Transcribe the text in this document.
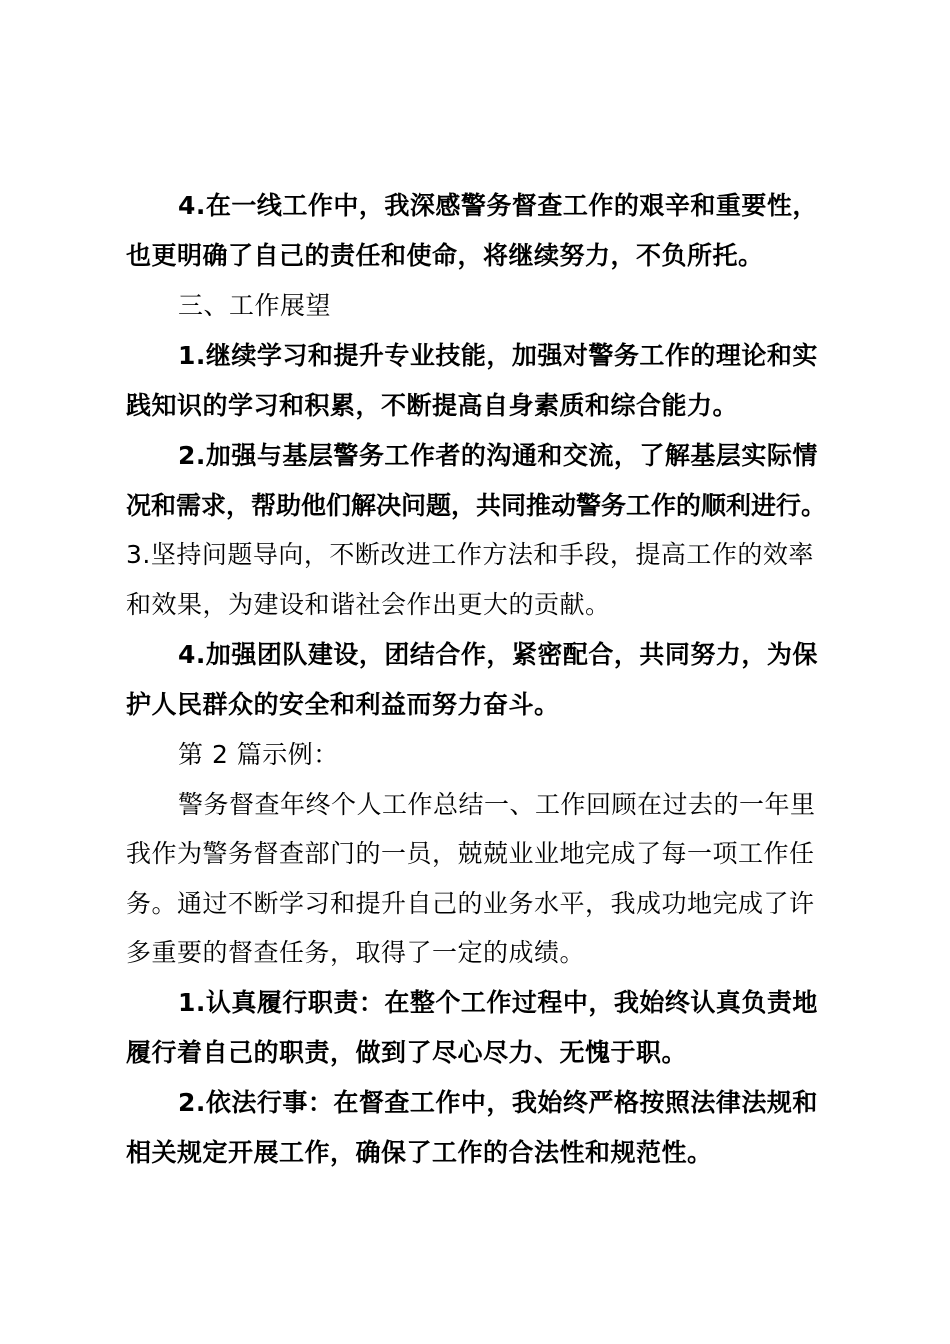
4.在一线工作中，我深感警务督查工作的艰辛和重要性，
也更明确了自己的责任和使命，将继续努力，不负所托。
三、工作展望
1.继续学习和提升专业技能，加强对警务工作的理论和实
践知识的学习和积累，不断提高自身素质和综合能力。
2.加强与基层警务工作者的沟通和交流，了解基层实际情
况和需求，帮助他们解决问题，共同推动警务工作的顺利进行。
3.坚持问题导向，不断改进工作方法和手段，提高工作的效率
和效果，为建设和谐社会作出更大的贡献。
4.加强团队建设，团结合作，紧密配合，共同努力，为保
护人民群众的安全和利益而努力奋斗。
第 2 篇示例：
警务督查年终个人工作总结一、工作回顾在过去的一年里
我作为警务督查部门的一员，兢兢业业地完成了每一项工作任
务。通过不断学习和提升自己的业务水平，我成功地完成了许
多重要的督查任务，取得了一定的成绩。
1.认真履行职责：在整个工作过程中，我始终认真负责地
履行着自己的职责，做到了尽心尽力、无愧于职。
2.依法行事：在督查工作中，我始终严格按照法律法规和
相关规定开展工作，确保了工作的合法性和规范性。
